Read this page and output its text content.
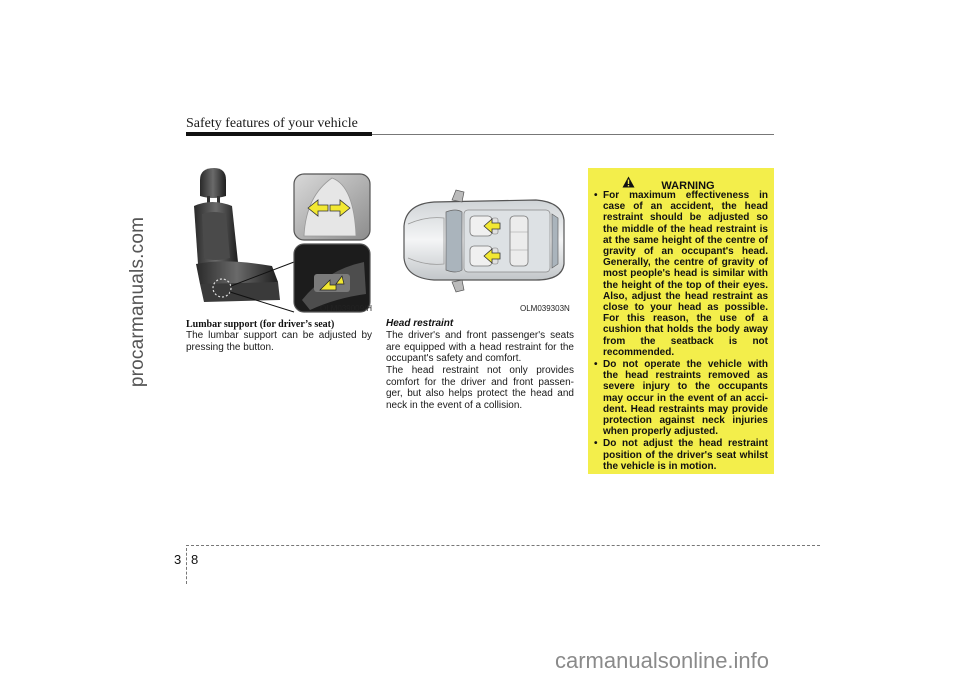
procarmanuals.com
Safety features of your vehicle
OLM039009/H	OLM039303N
Lumbar support (for driver’s seat)
The lumbar support can be adjusted by pressing the button.
Head restraint
The driver's and front passenger's seats are equipped with a head restraint for the occupant's safety and comfort.
The head restraint not only provides comfort for the driver and front passen-ger, but also helps protect the head and neck in the event of a collision.
WARNING
• For maximum effectiveness in case of an accident, the head restraint should be adjusted so the middle of the head restraint is at the same height of the centre of gravity of an occupant's head. Generally, the centre of gravity of most people's head is similar with the height of the top of their eyes. Also, adjust the head restraint as close to your head as possible. For this reason, the use of a cushion that holds the body away from the seatback is not recommended.
• Do not operate the vehicle with the head restraints removed as severe injury to the occupants may occur in the event of an acci-dent. Head restraints may provide protection against neck injuries when properly adjusted.
• Do not adjust the head restraint position of the driver's seat whilst the vehicle is in motion.
3 8
carmanualsonline.info
